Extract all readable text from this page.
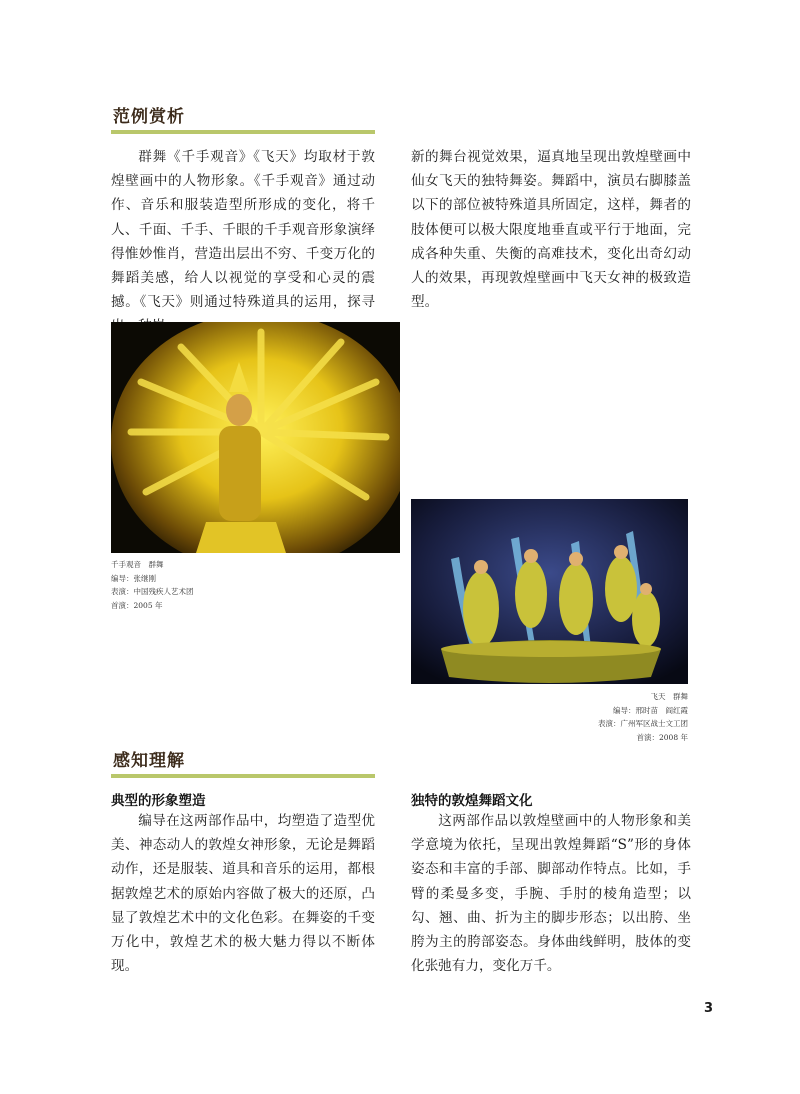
范例赏析

群舞《千手观音》《飞天》均取材于敦煌壁画中的人物形象。《千手观音》通过动作、音乐和服装造型所形成的变化，将千人、千面、千手、千眼的千手观音形象演绎得惟妙惟肖，营造出层出不穷、千变万化的舞蹈美感，给人以视觉的享受和心灵的震撼。《飞天》则通过特殊道具的运用，探寻

新的舞台视觉效果，逼真地呈现出敦煌壁画中仙女飞天的独特舞姿。舞蹈中，演员右脚膝盖以下的部位被特殊道具所固定，这样，舞者的肢体便可以极大限度地垂直或平行于地面，完成各种失重、失衡的高难技术，变化出奇幻动人的效果，再现敦煌壁画中飞天女神的极致造型。

千手观音　群舞
编导：张继刚
表演：中国残疾人艺术团
首演：2005 年
飞天　群舞
编导：邢时苗　阎红霞
表演：广州军区战士文工团
首演：2008 年
感知理解
典型的形象塑造

编导在这两部作品中，均塑造了造型优美、神态动人的敦煌女神形象，无论是舞蹈动作，还是服装、道具和音乐的运用，都根据敦煌艺术的原始内容做了极大的还原，凸显了敦煌艺术中的文化色彩。在舞姿的千变万化中，敦煌艺术的极大魅力得以不断体现。

独特的敦煌舞蹈文化

这两部作品以敦煌壁画中的人物形象和美学意境为依托，呈现出敦煌舞蹈“S”形的身体姿态和丰富的手部、脚部动作特点。比如，手臂的柔曼多变，手腕、手肘的棱角造型；以勾、翘、曲、折为主的脚步形态；以出胯、坐胯为主的胯部姿态。身体曲线鲜明，肢体的变化张弛有力，变化万千。

3
